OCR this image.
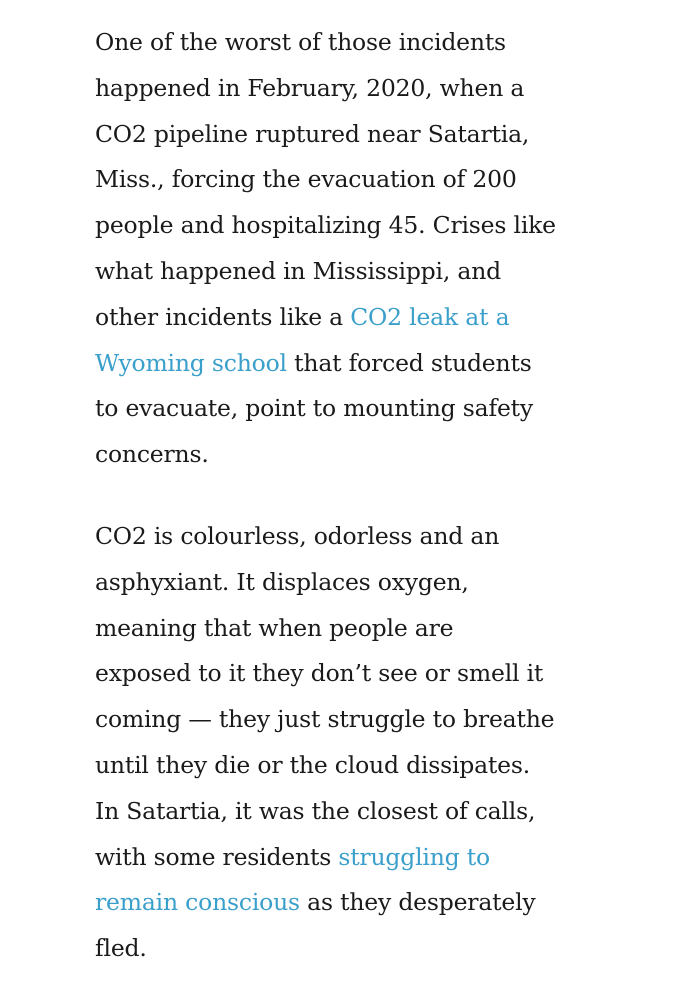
One of the worst of those incidents
happened in February, 2020, when a
CO2 pipeline ruptured near Satartia,
Miss., forcing the evacuation of 200
people and hospitalizing 45. Crises like
what happened in Mississippi, and
other incidents like a CO2 leak at a
Wyoming school that forced students
to evacuate, point to mounting safety
concerns.

CO2 is colourless, odorless and an
asphyxiant. It displaces oxygen,
meaning that when people are
exposed to it they don’t see or smell it
coming — they just struggle to breathe
until they die or the cloud dissipates.
In Satartia, it was the closest of calls,
with some residents struggling to
remain conscious as they desperately
fled.
